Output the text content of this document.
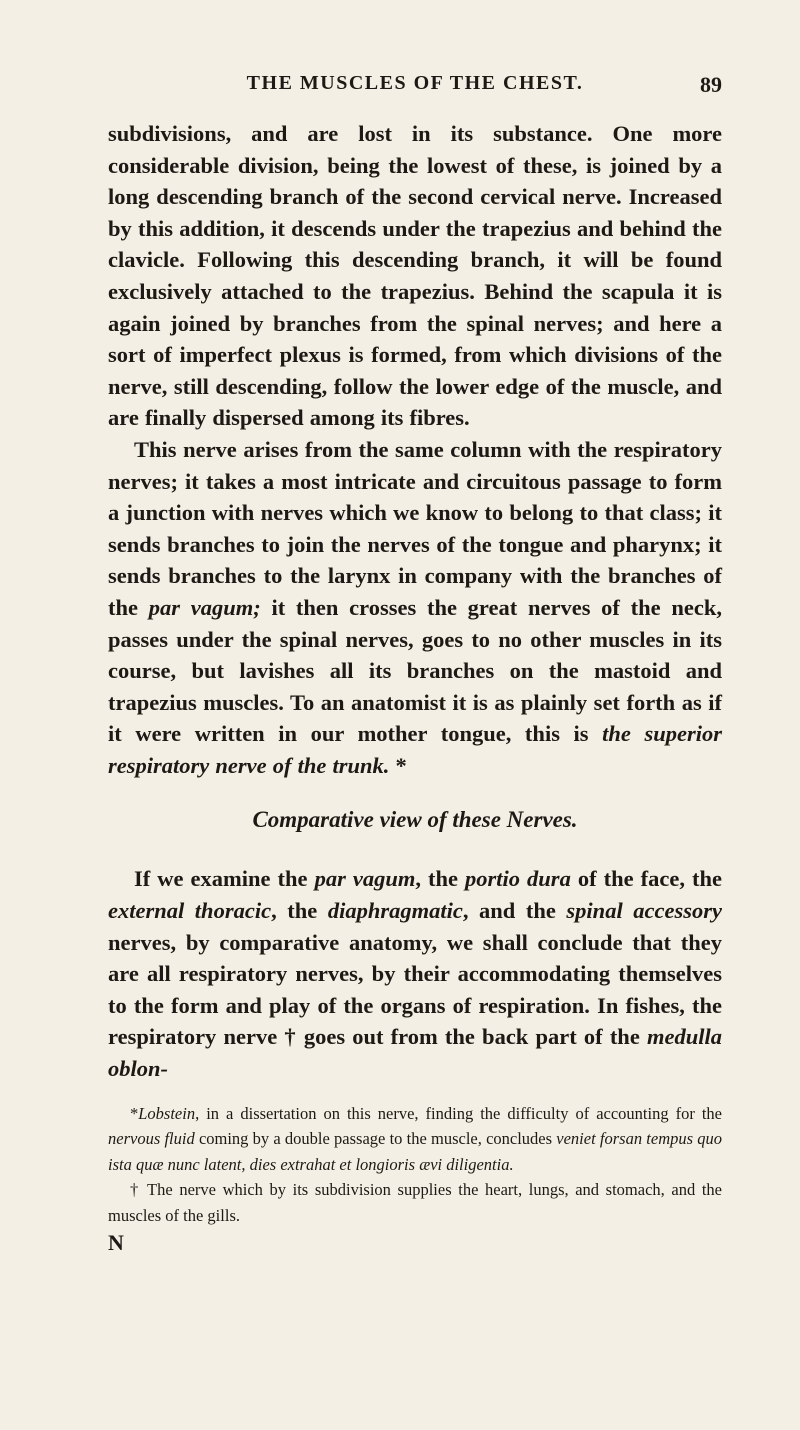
THE MUSCLES OF THE CHEST.	89

subdivisions, and are lost in its substance. One more considerable division, being the lowest of these, is joined by a long descending branch of the second cervical nerve. Increased by this addition, it descends under the trapezius and behind the clavicle. Following this descending branch, it will be found exclusively attached to the trapezius. Behind the scapula it is again joined by branches from the spinal nerves; and here a sort of imperfect plexus is formed, from which divisions of the nerve, still descending, follow the lower edge of the muscle, and are finally dispersed among its fibres.

This nerve arises from the same column with the respiratory nerves; it takes a most intricate and circuitous passage to form a junction with nerves which we know to belong to that class; it sends branches to join the nerves of the tongue and pharynx; it sends branches to the larynx in company with the branches of the par vagum; it then crosses the great nerves of the neck, passes under the spinal nerves, goes to no other muscles in its course, but lavishes all its branches on the mastoid and trapezius muscles. To an anatomist it is as plainly set forth as if it were written in our mother tongue, this is the superior respiratory nerve of the trunk. *

Comparative view of these Nerves.

If we examine the par vagum, the portio dura of the face, the external thoracic, the diaphragmatic, and the spinal accessory nerves, by comparative anatomy, we shall conclude that they are all respiratory nerves, by their accommodating themselves to the form and play of the organs of respiration. In fishes, the respiratory nerve † goes out from the back part of the medulla oblon-

*Lobstein, in a dissertation on this nerve, finding the difficulty of accounting for the nervous fluid coming by a double passage to the muscle, concludes veniet forsan tempus quo ista quæ nunc latent, dies extrahat et longioris ævi diligentia.

† The nerve which by its subdivision supplies the heart, lungs, and stomach, and the muscles of the gills.

N
